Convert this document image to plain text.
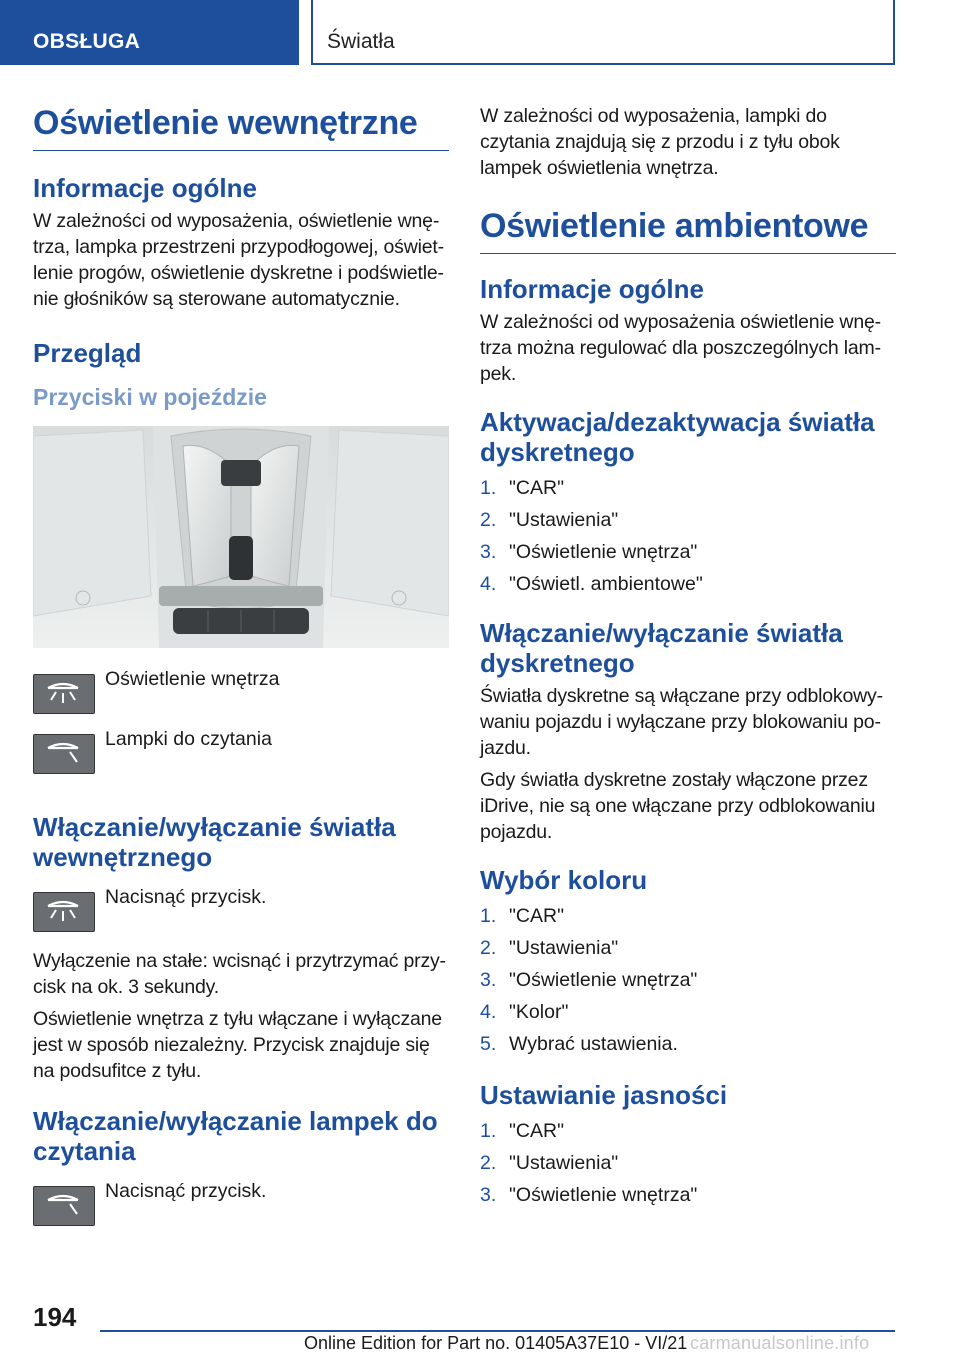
OBSŁUGA	Światła
Oświetlenie wewnętrzne
Informacje ogólne

W zależności od wyposażenia, oświetlenie wnętrza, lampka przestrzeni przypodłogowej, oświetlenie progów, oświetlenie dyskretne i podświetlenie głośników są sterowane automatycznie.

Przegląd
Przyciski w pojeździe
Oświetlenie wnętrza
Lampki do czytania
Włączanie/wyłączanie światła wewnętrznego
Nacisnąć przycisk.

Wyłączenie na stałe: wcisnąć i przytrzymać przycisk na ok. 3 sekundy.

Oświetlenie wnętrza z tyłu włączane i wyłączane jest w sposób niezależny. Przycisk znajduje się na podsufitce z tyłu.

Włączanie/wyłączanie lampek do czytania
Nacisnąć przycisk.

W zależności od wyposażenia, lampki do czytania znajdują się z przodu i z tyłu obok lampek oświetlenia wnętrza.

Oświetlenie ambientowe
Informacje ogólne

W zależności od wyposażenia oświetlenie wnętrza można regulować dla poszczególnych lampek.

Aktywacja/dezaktywacja światła dyskretnego
1. "CAR"
2. "Ustawienia"
3. "Oświetlenie wnętrza"
4. "Oświetl. ambientowe"
Włączanie/wyłączanie światła dyskretnego

Światła dyskretne są włączane przy odblokowywaniu pojazdu i wyłączane przy blokowaniu pojazdu.

Gdy światła dyskretne zostały włączone przez iDrive, nie są one włączane przy odblokowaniu pojazdu.

Wybór koloru
1. "CAR"
2. "Ustawienia"
3. "Oświetlenie wnętrza"
4. "Kolor"
5. Wybrać ustawienia.
Ustawianie jasności
1. "CAR"
2. "Ustawienia"
3. "Oświetlenie wnętrza"
194
Online Edition for Part no. 01405A37E10 - VI/21 carmanualsonline.info
